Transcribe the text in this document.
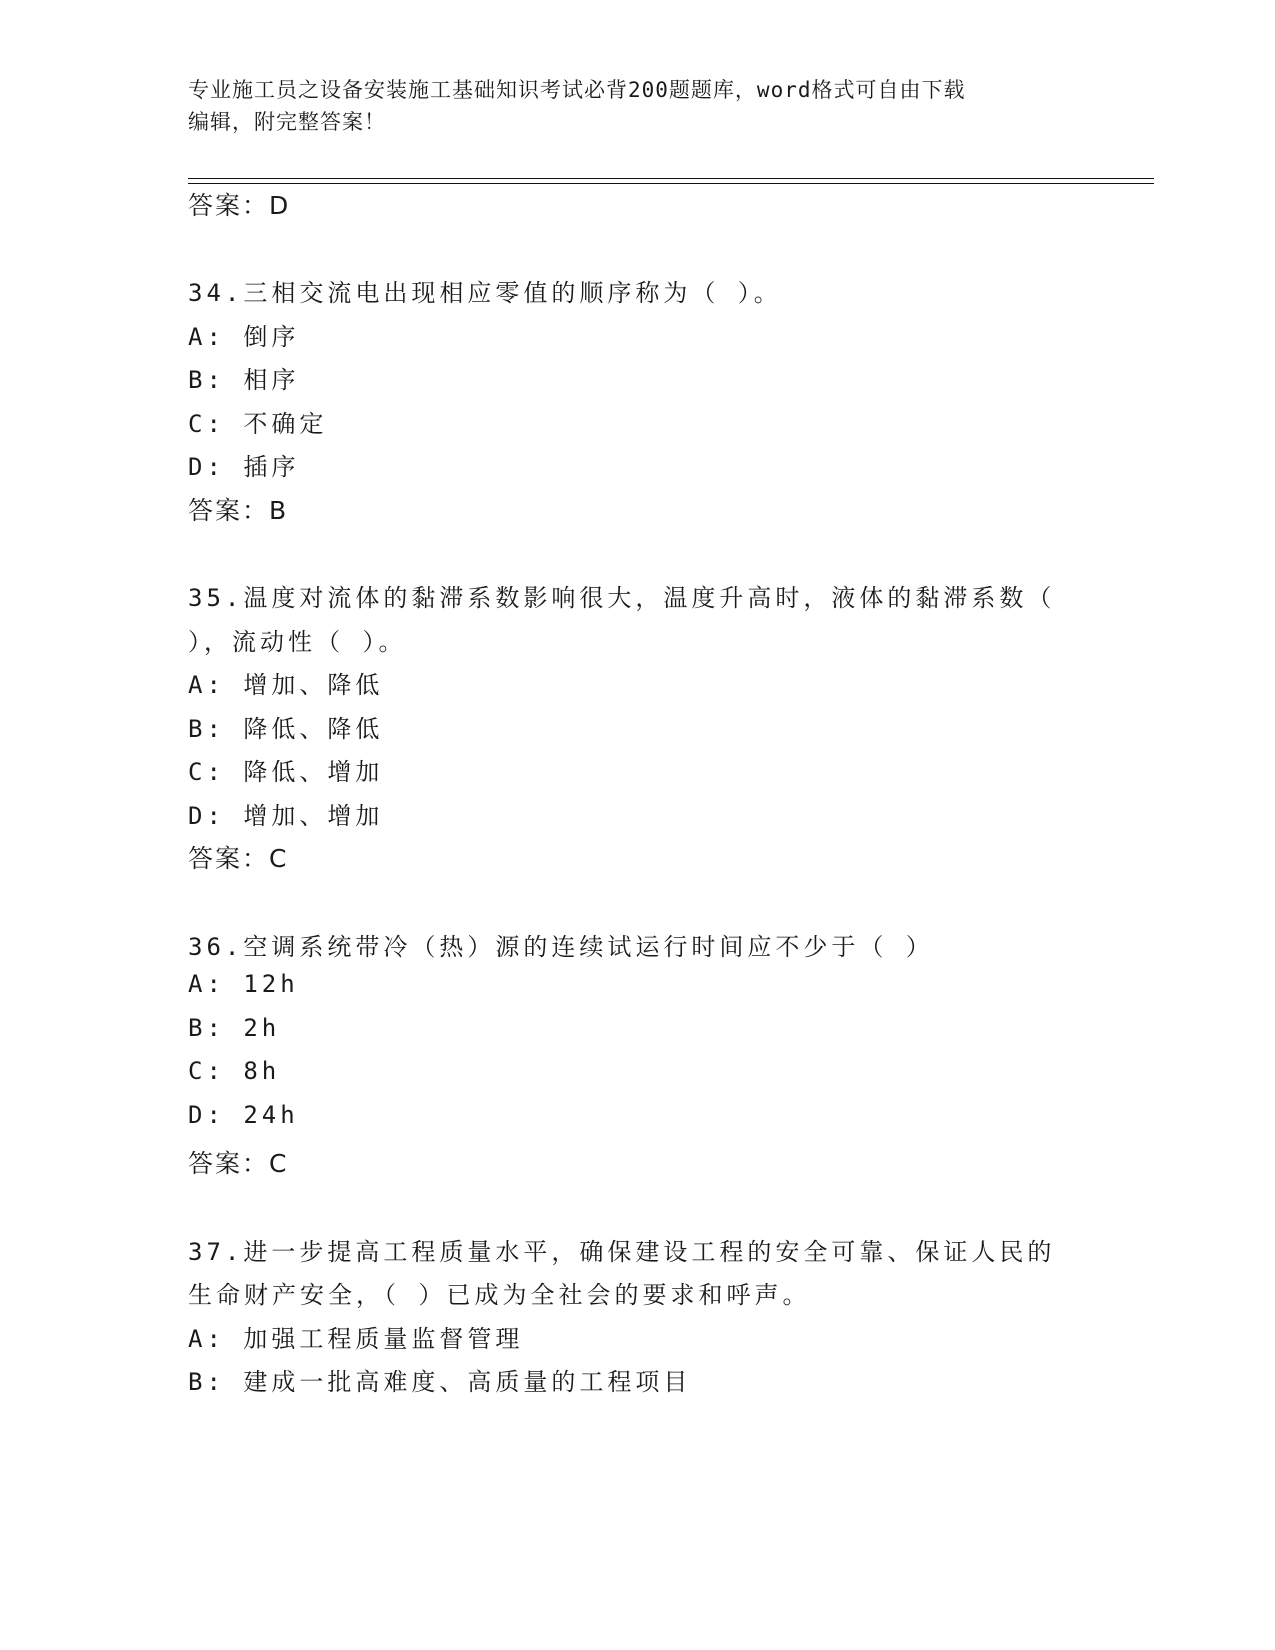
专业施工员之设备安装施工基础知识考试必背200题题库，word格式可自由下载
编辑，附完整答案！
答案：D
34.三相交流电出现相应零值的顺序称为（ ）。
A: 倒序
B: 相序
C: 不确定
D: 插序
答案：B
35.温度对流体的黏滞系数影响很大，温度升高时，液体的黏滞系数（
），流动性（ ）。
A: 增加、降低
B: 降低、降低
C: 降低、增加
D: 增加、增加
答案：C
36.空调系统带冷（热）源的连续试运行时间应不少于（ ）
A: 12h
B: 2h
C: 8h
D: 24h
答案：C
37.进一步提高工程质量水平，确保建设工程的安全可靠、保证人民的
生命财产安全，（ ）已成为全社会的要求和呼声。
A: 加强工程质量监督管理
B: 建成一批高难度、高质量的工程项目
